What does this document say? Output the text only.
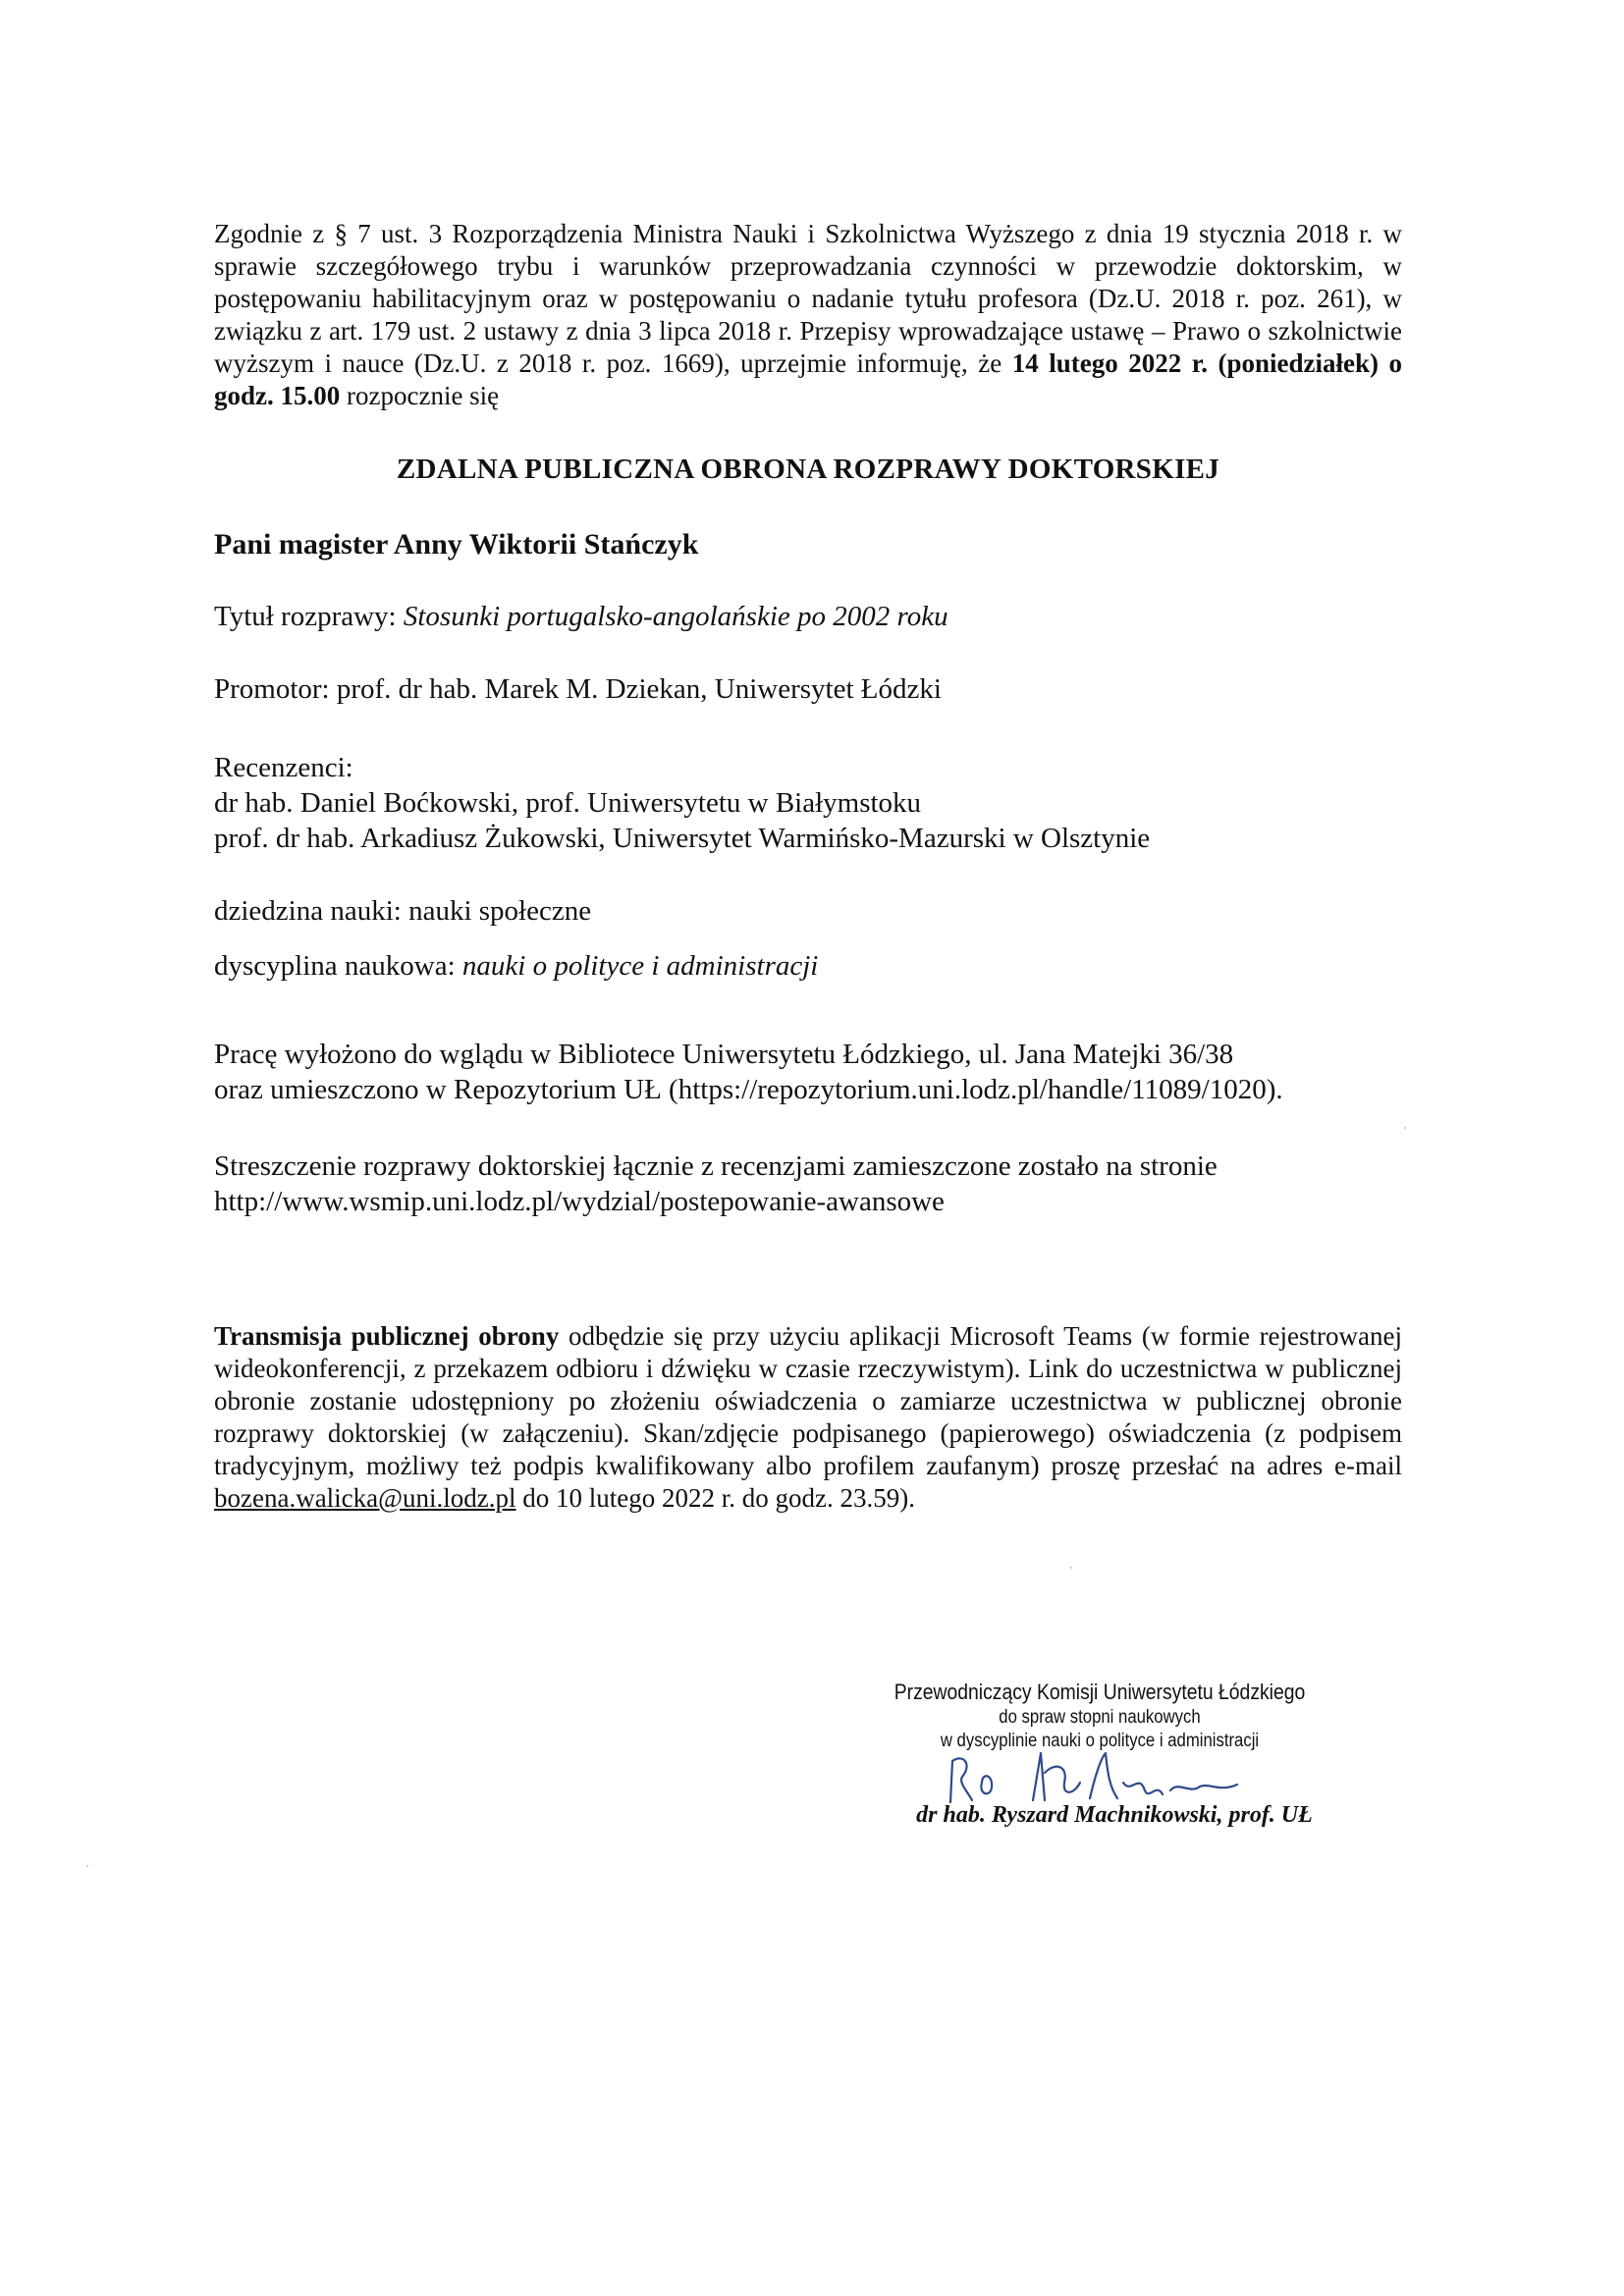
Zgodnie z § 7 ust. 3 Rozporządzenia Ministra Nauki i Szkolnictwa Wyższego z dnia 19 stycznia 2018 r. w sprawie szczegółowego trybu i warunków przeprowadzania czynności w przewodzie doktorskim, w postępowaniu habilitacyjnym oraz w postępowaniu o nadanie tytułu profesora (Dz.U. 2018 r. poz. 261), w związku z art. 179 ust. 2 ustawy z dnia 3 lipca 2018 r. Przepisy wprowadzające ustawę – Prawo o szkolnictwie wyższym i nauce (Dz.U. z 2018 r. poz. 1669), uprzejmie informuję, że 14 lutego 2022 r. (poniedziałek) o godz. 15.00 rozpocznie się
ZDALNA PUBLICZNA OBRONA ROZPRAWY DOKTORSKIEJ
Pani magister Anny Wiktorii Stańczyk
Tytuł rozprawy: Stosunki portugalsko-angolańskie po 2002 roku
Promotor: prof. dr hab. Marek M. Dziekan, Uniwersytet Łódzki
Recenzenci:
dr hab. Daniel Boćkowski, prof. Uniwersytetu w Białymstoku
prof. dr hab. Arkadiusz Żukowski, Uniwersytet Warmińsko-Mazurski w Olsztynie
dziedzina nauki: nauki społeczne
dyscyplina naukowa: nauki o polityce i administracji
Pracę wyłożono do wglądu w Bibliotece Uniwersytetu Łódzkiego, ul. Jana Matejki 36/38
oraz umieszczono w Repozytorium UŁ (https://repozytorium.uni.lodz.pl/handle/11089/1020).
Streszczenie rozprawy doktorskiej łącznie z recenzjami zamieszczone zostało na stronie
http://www.wsmip.uni.lodz.pl/wydzial/postepowanie-awansowe
Transmisja publicznej obrony odbędzie się przy użyciu aplikacji Microsoft Teams (w formie rejestrowanej wideokonferencji, z przekazem odbioru i dźwięku w czasie rzeczywistym). Link do uczestnictwa w publicznej obronie zostanie udostępniony po złożeniu oświadczenia o zamiarze uczestnictwa w publicznej obronie rozprawy doktorskiej (w załączeniu). Skan/zdjęcie podpisanego (papierowego) oświadczenia (z podpisem tradycyjnym, możliwy też podpis kwalifikowany albo profilem zaufanym) proszę przesłać na adres e-mail bozena.walicka@uni.lodz.pl do 10 lutego 2022 r. do godz. 23.59).
Przewodniczący Komisji Uniwersytetu Łódzkiego
do spraw stopni naukowych
w dyscyplinie nauki o polityce i administracji
dr hab. Ryszard Machnikowski, prof. UŁ
